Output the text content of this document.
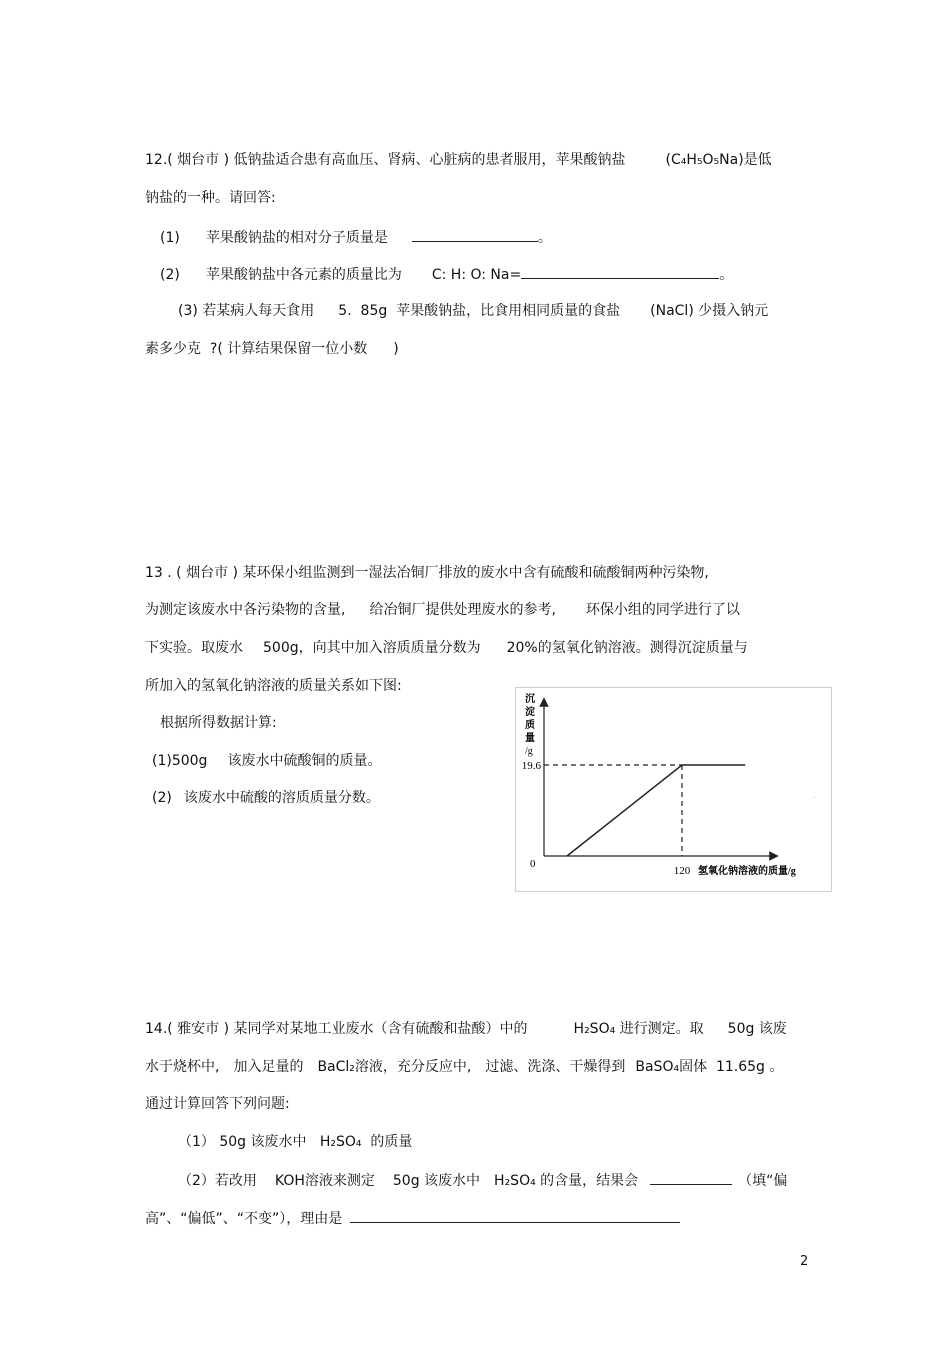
12.( 烟台市 ) 低钠盐适合患有高血压、肾病、心脏病的患者服用，苹果酸钠盐	(C₄H₅O₅Na)是低
钠盐的一种。请回答:
(1) 苹果酸钠盐的相对分子质量是	。
(2) 苹果酸钠盐中各元素的质量比为 C: H: O: Na=	。
(3) 若某病人每天食用 5.  85g  苹果酸钠盐，比食用相同质量的食盐 (NaCl) 少摄入钠元
素多少克  ?( 计算结果保留一位小数 )
13 . ( 烟台市 ) 某环保小组监测到一湿法冶铜厂排放的废水中含有硫酸和硫酸铜两种污染物,
为测定该废水中各污染物的含量, 给冶铜厂提供处理废水的参考, 环保小组的同学进行了以
下实验。取废水 500g，向其中加入溶质质量分数为 20%的氢氧化钠溶液。测得沉淀质量与
所加入的氢氧化钠溶液的质量关系如下图:
根据所得数据计算:
(1)500g 该废水中硫酸铜的质量。
(2) 该废水中硫酸的溶质质量分数。
沉
淀
质
量
/g
0
19.6
120 氢氧化钠溶液的质量/g
.
14.( 雅安市 ) 某同学对某地工业废水（含有硫酸和盐酸）中的	H₂SO₄ 进行测定。取 50g 该废
水于烧杯中, 加入足量的 BaCl₂溶液，充分反应中, 过滤、洗涤、干燥得到 BaSO₄固体  11.65g 。
通过计算回答下列问题:
（1） 50g 该废水中   H₂SO₄  的质量
（2）若改用 KOH溶液来测定 50g 该废水中 H₂SO₄ 的含量，结果会	（填“偏
高”、“偏低”、“不变”），理由是
2
